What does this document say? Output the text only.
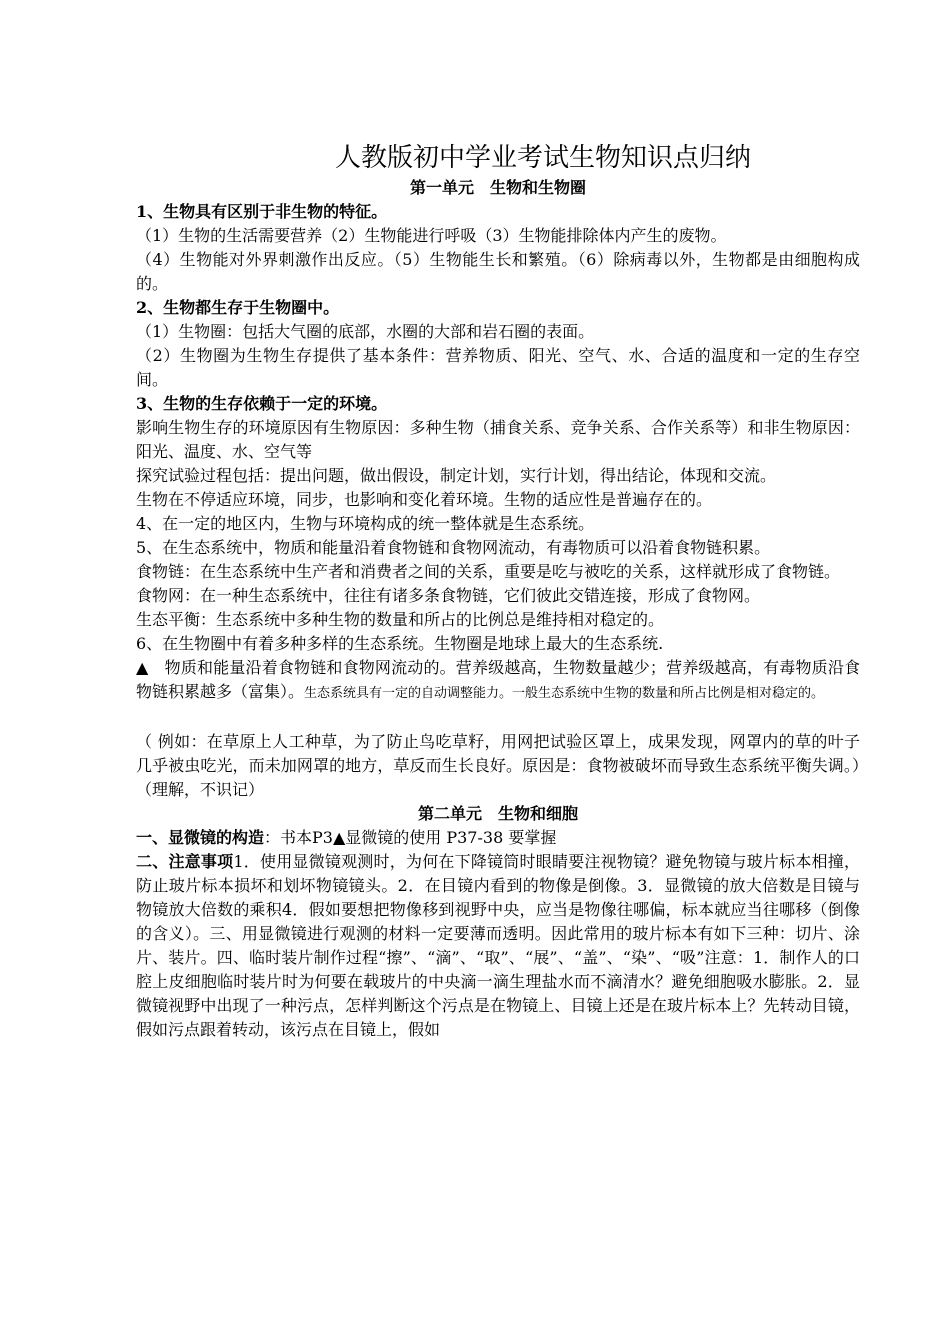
人教版初中学业考试生物知识点归纳
第一单元　生物和生物圈
1、生物具有区别于非生物的特征。

（1）生物的生活需要营养（2）生物能进行呼吸（3）生物能排除体内产生的废物。

（4）生物能对外界刺激作出反应。（5）生物能生长和繁殖。（6）除病毒以外，生物都是由细胞构成的。

2、生物都生存于生物圈中。

（1）生物圈：包括大气圈的底部，水圈的大部和岩石圈的表面。

（2）生物圈为生物生存提供了基本条件：营养物质、阳光、空气、水、合适的温度和一定的生存空间。

3、生物的生存依赖于一定的环境。

影响生物生存的环境原因有生物原因：多种生物（捕食关系、竞争关系、合作关系等）和非生物原因：阳光、温度、水、空气等

探究试验过程包括：提出问题，做出假设，制定计划，实行计划，得出结论，体现和交流。

生物在不停适应环境，同步，也影响和变化着环境。生物的适应性是普遍存在的。

4、在一定的地区内，生物与环境构成的统一整体就是生态系统。

5、在生态系统中，物质和能量沿着食物链和食物网流动，有毒物质可以沿着食物链积累。

食物链：在生态系统中生产者和消费者之间的关系，重要是吃与被吃的关系，这样就形成了食物链。

食物网：在一种生态系统中，往往有诸多条食物链，它们彼此交错连接，形成了食物网。

生态平衡：生态系统中多种生物的数量和所占的比例总是维持相对稳定的。

6、在生物圈中有着多种多样的生态系统。生物圈是地球上最大的生态系统.

▲　物质和能量沿着食物链和食物网流动的。营养级越高，生物数量越少；营养级越高，有毒物质沿食物链积累越多（富集）。生态系统具有一定的自动调整能力。一般生态系统中生物的数量和所占比例是相对稳定的。

（ 例如：在草原上人工种草，为了防止鸟吃草籽，用网把试验区罩上，成果发现，网罩内的草的叶子几乎被虫吃光，而未加网罩的地方，草反而生长良好。原因是：食物被破坏而导致生态系统平衡失调。）（理解，不识记）

第二单元　生物和细胞

一、显微镜的构造：书本P3▲显微镜的使用 P37-38 要掌握

二、注意事项1．使用显微镜观测时，为何在下降镜筒时眼睛要注视物镜？避免物镜与玻片标本相撞，防止玻片标本损坏和划坏物镜镜头。2．在目镜内看到的物像是倒像。3．显微镜的放大倍数是目镜与物镜放大倍数的乘积4．假如要想把物像移到视野中央，应当是物像往哪偏，标本就应当往哪移（倒像的含义）。三、用显微镜进行观测的材料一定要薄而透明。因此常用的玻片标本有如下三种：切片、涂片、装片。四、临时装片制作过程“擦”、“滴”、“取”、“展”、“盖”、“染”、“吸”注意：1．制作人的口腔上皮细胞临时装片时为何要在载玻片的中央滴一滴生理盐水而不滴清水？避免细胞吸水膨胀。2．显微镜视野中出现了一种污点，怎样判断这个污点是在物镜上、目镜上还是在玻片标本上？先转动目镜，假如污点跟着转动，该污点在目镜上，假如
